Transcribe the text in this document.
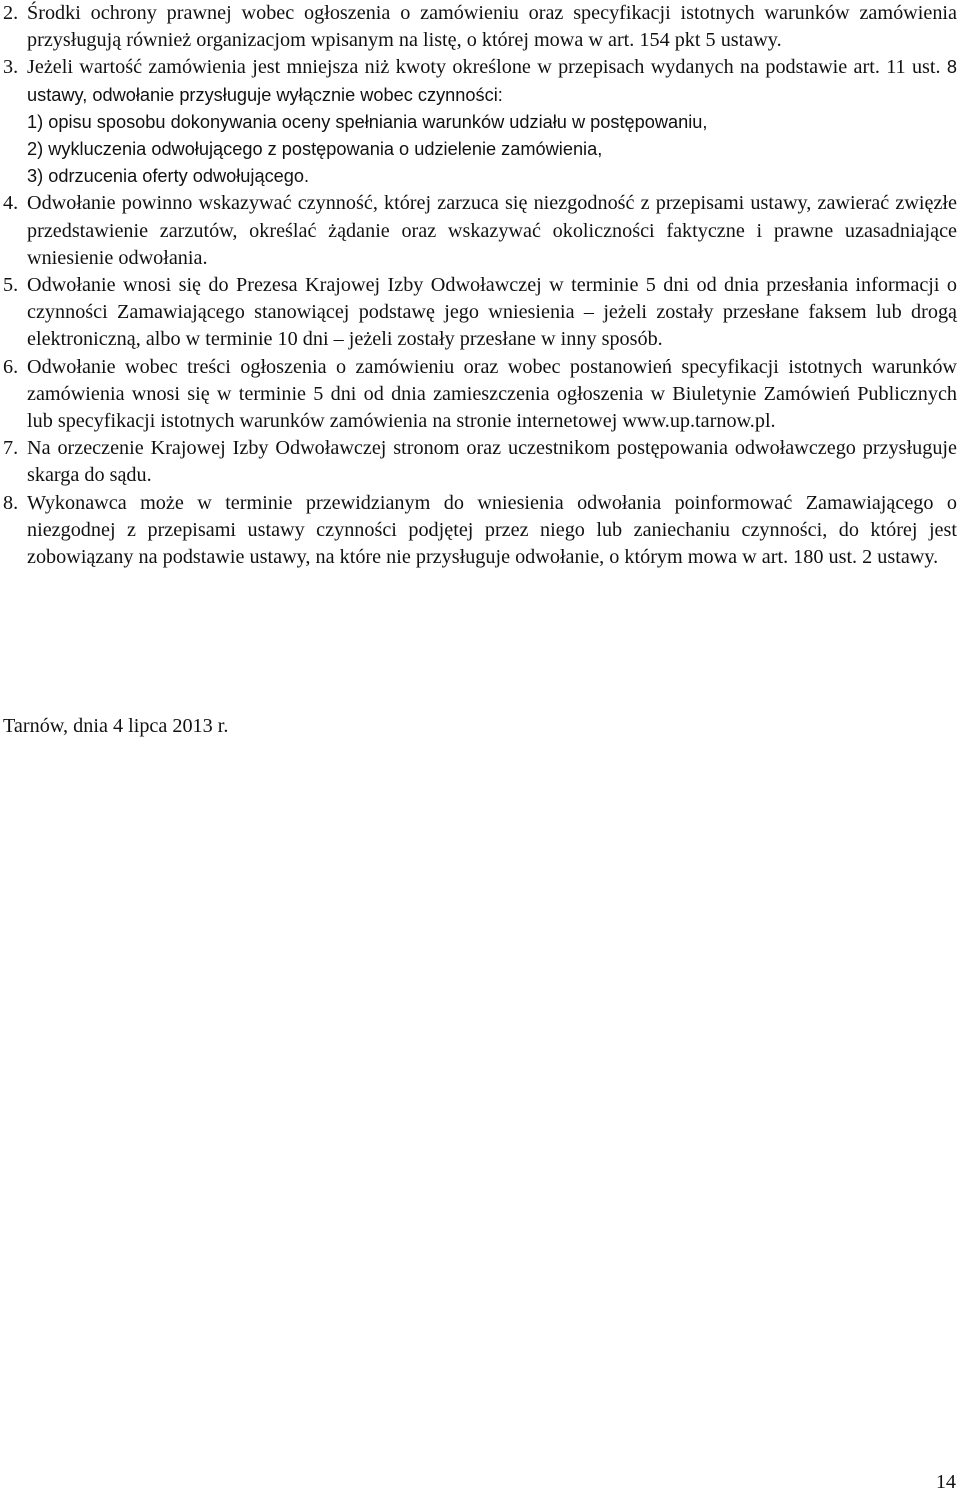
2. Środki ochrony prawnej wobec ogłoszenia o zamówieniu oraz specyfikacji istotnych warunków zamówienia przysługują również organizacjom wpisanym na listę, o której mowa w art. 154 pkt 5 ustawy.
3. Jeżeli wartość zamówienia jest mniejsza niż kwoty określone w przepisach wydanych na podstawie art. 11 ust. 8 ustawy, odwołanie przysługuje wyłącznie wobec czynności:
1) opisu sposobu dokonywania oceny spełniania warunków udziału w postępowaniu,
2) wykluczenia odwołującego z postępowania o udzielenie zamówienia,
3) odrzucenia oferty odwołującego.
4. Odwołanie powinno wskazywać czynność, której zarzuca się niezgodność z przepisami ustawy, zawierać zwięzłe przedstawienie zarzutów, określać żądanie oraz wskazywać okoliczności faktyczne i prawne uzasadniające wniesienie odwołania.
5. Odwołanie wnosi się do Prezesa Krajowej Izby Odwoławczej w terminie 5 dni od dnia przesłania informacji o czynności Zamawiającego stanowiącej podstawę jego wniesienia – jeżeli zostały przesłane faksem lub drogą elektroniczną, albo w terminie 10 dni – jeżeli zostały przesłane w inny sposób.
6. Odwołanie wobec treści ogłoszenia o zamówieniu oraz wobec postanowień specyfikacji istotnych warunków zamówienia wnosi się w terminie 5 dni od dnia zamieszczenia ogłoszenia w Biuletynie Zamówień Publicznych lub specyfikacji istotnych warunków zamówienia na stronie internetowej www.up.tarnow.pl.
7. Na orzeczenie Krajowej Izby Odwoławczej stronom oraz uczestnikom postępowania odwoławczego przysługuje skarga do sądu.
8. Wykonawca może w terminie przewidzianym do wniesienia odwołania poinformować Zamawiającego o niezgodnej z przepisami ustawy czynności podjętej przez niego lub zaniechaniu czynności, do której jest zobowiązany na podstawie ustawy, na które nie przysługuje odwołanie, o którym mowa w art. 180 ust. 2 ustawy.
Tarnów, dnia 4 lipca 2013 r.
14
